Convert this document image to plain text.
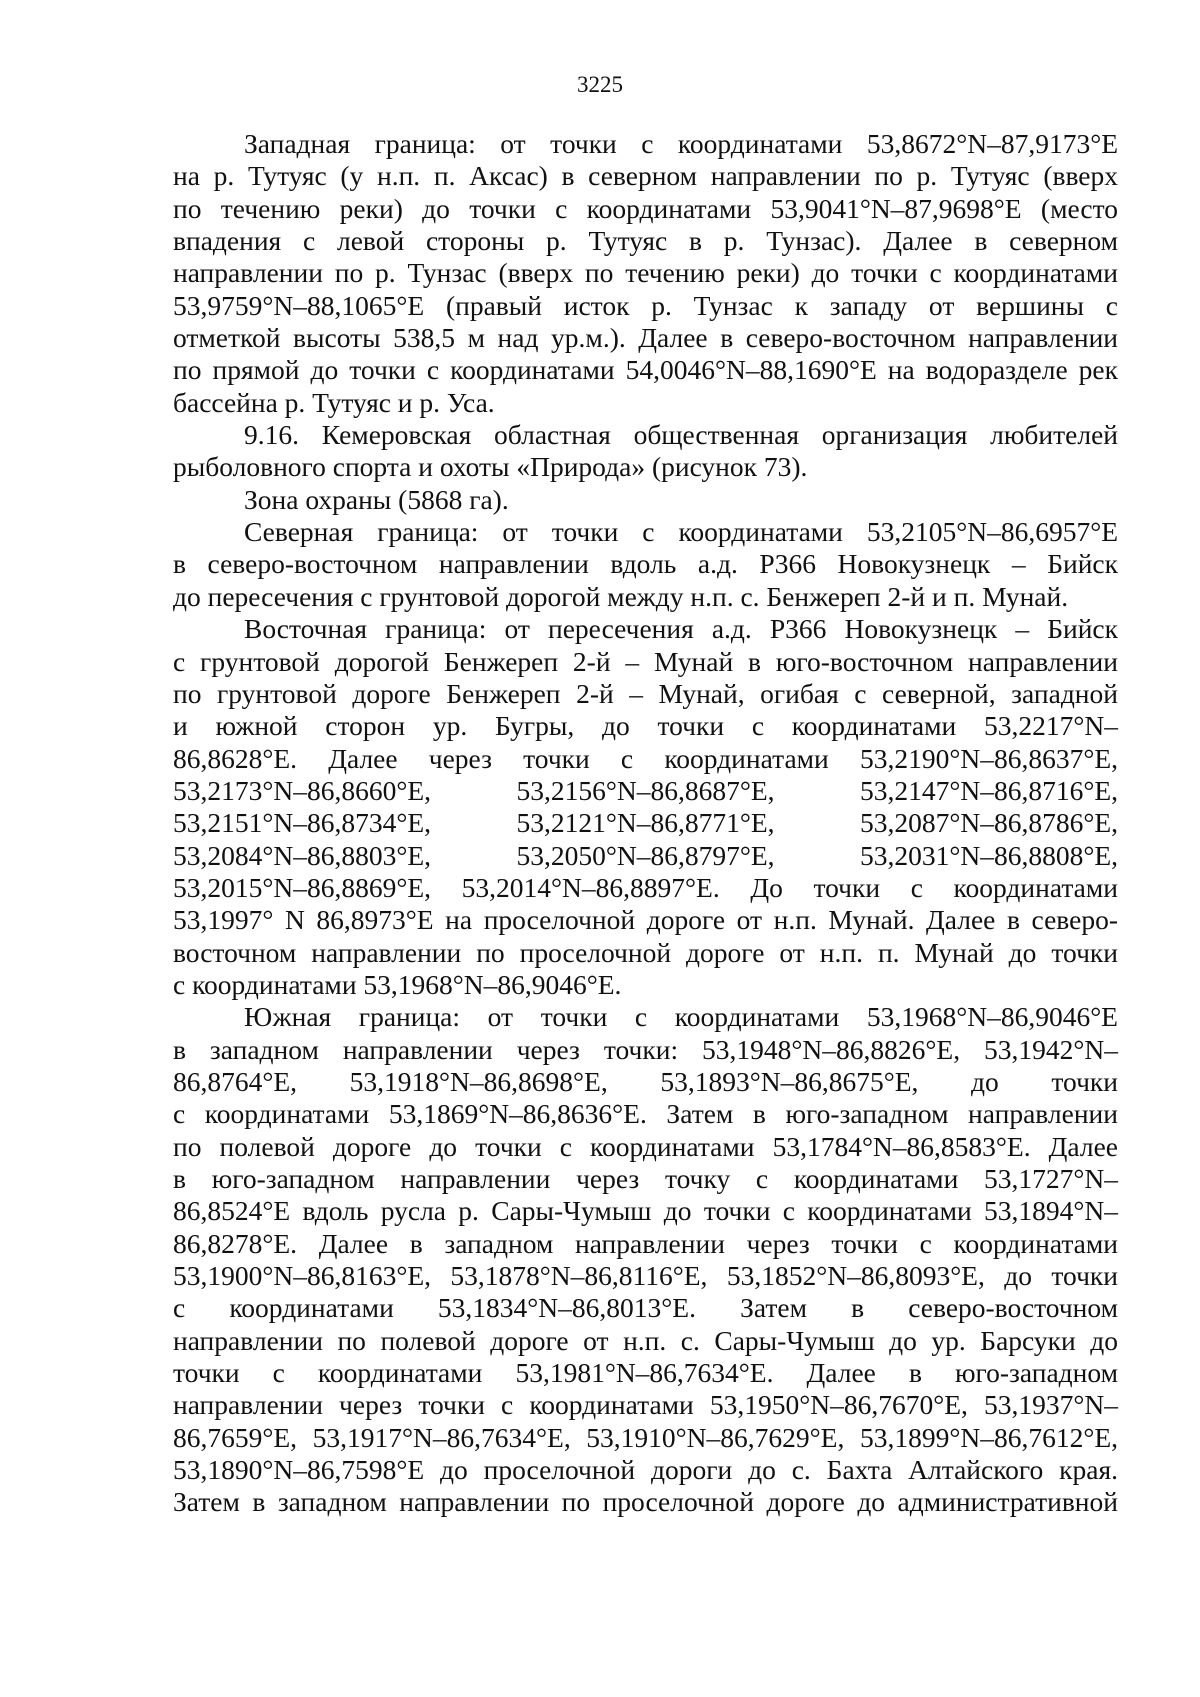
3225
Западная граница: от точки с координатами 53,8672°N–87,9173°E
на р. Тутуяс (у н.п. п. Аксас) в северном направлении по р. Тутуяс (вверх
по течению реки) до точки с координатами 53,9041°N–87,9698°E (место
впадения с левой стороны р. Тутуяс в р. Тунзас). Далее в северном
направлении по р. Тунзас (вверх по течению реки) до точки с координатами
53,9759°N–88,1065°E (правый исток р. Тунзас к западу от вершины с
отметкой высоты 538,5 м над ур.м.). Далее в северо-восточном направлении
по прямой до точки с координатами 54,0046°N–88,1690°E на водоразделе рек
бассейна р. Тутуяс и р. Уса.
9.16. Кемеровская областная общественная организация любителей
рыболовного спорта и охоты «Природа» (рисунок 73).
Зона охраны (5868 га).
Северная граница: от точки с координатами 53,2105°N–86,6957°E
в северо-восточном направлении вдоль а.д. Р366 Новокузнецк – Бийск
до пересечения с грунтовой дорогой между н.п. с. Бенжереп 2-й и п. Мунай.
Восточная граница: от пересечения а.д. Р366 Новокузнецк – Бийск
с грунтовой дорогой Бенжереп 2-й – Мунай в юго-восточном направлении
по грунтовой дороге Бенжереп 2-й – Мунай, огибая с северной, западной
и южной сторон ур. Бугры, до точки с координатами 53,2217°N–
86,8628°E. Далее через точки с координатами 53,2190°N–86,8637°E,
53,2173°N–86,8660°E,	53,2156°N–86,8687°E,	53,2147°N–86,8716°E,
53,2151°N–86,8734°E,	53,2121°N–86,8771°E,	53,2087°N–86,8786°E,
53,2084°N–86,8803°E,	53,2050°N–86,8797°E,	53,2031°N–86,8808°E,
53,2015°N–86,8869°E, 53,2014°N–86,8897°E. До точки с координатами
53,1997° N 86,8973°E на проселочной дороге от н.п. Мунай. Далее в северо-
восточном направлении по проселочной дороге от н.п. п. Мунай до точки
с координатами 53,1968°N–86,9046°E.
Южная граница: от точки с координатами 53,1968°N–86,9046°E
в западном направлении через точки: 53,1948°N–86,8826°E, 53,1942°N–
86,8764°E, 53,1918°N–86,8698°E, 53,1893°N–86,8675°E, до точки
с координатами 53,1869°N–86,8636°E. Затем в юго-западном направлении
по полевой дороге до точки с координатами 53,1784°N–86,8583°E. Далее
в юго-западном направлении через точку с координатами 53,1727°N–
86,8524°E вдоль русла р. Сары-Чумыш до точки с координатами 53,1894°N–
86,8278°E. Далее в западном направлении через точки с координатами
53,1900°N–86,8163°E, 53,1878°N–86,8116°E, 53,1852°N–86,8093°E, до точки
с координатами 53,1834°N–86,8013°E. Затем в северо-восточном
направлении по полевой дороге от н.п. с. Сары-Чумыш до ур. Барсуки до
точки с координатами 53,1981°N–86,7634°E. Далее в юго-западном
направлении через точки с координатами 53,1950°N–86,7670°E, 53,1937°N–
86,7659°E, 53,1917°N–86,7634°E, 53,1910°N–86,7629°E, 53,1899°N–86,7612°E,
53,1890°N–86,7598°E до проселочной дороги до с. Бахта Алтайского края.
Затем в западном направлении по проселочной дороге до административной
